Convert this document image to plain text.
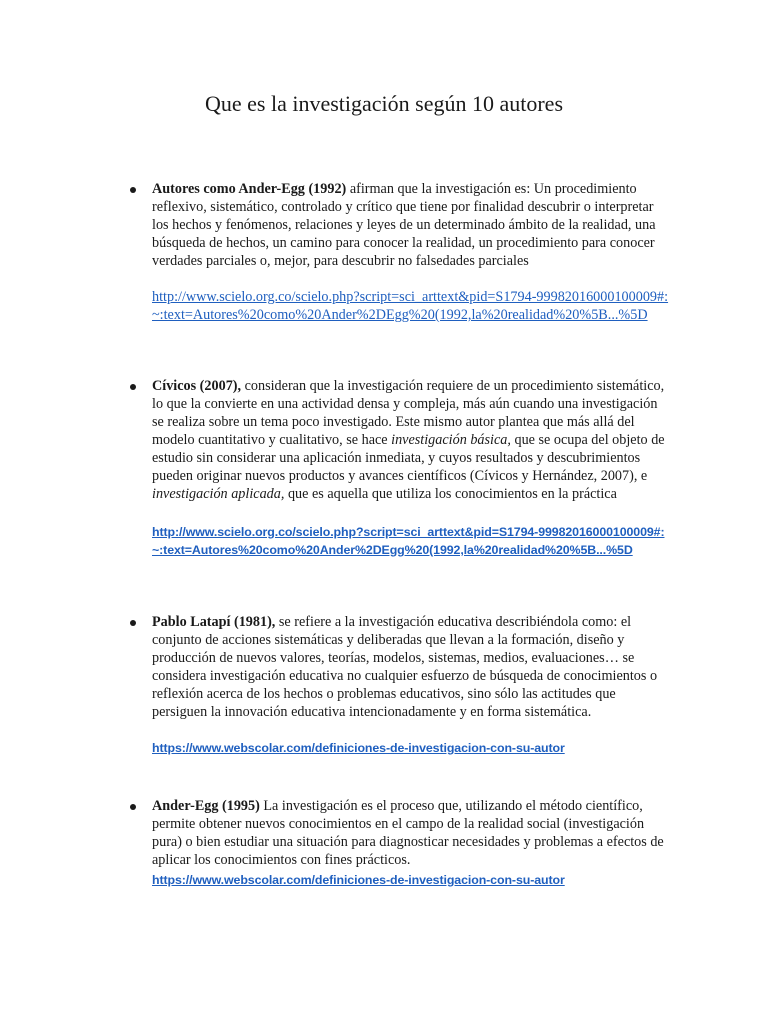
Que es la investigación según 10 autores

Autores como Ander-Egg (1992) afirman que la investigación es: Un procedimiento reflexivo, sistemático, controlado y crítico que tiene por finalidad descubrir o interpretar los hechos y fenómenos, relaciones y leyes de un determinado ámbito de la realidad, una búsqueda de hechos, un camino para conocer la realidad, un procedimiento para conocer verdades parciales o, mejor, para descubrir no falsedades parciales

http://www.scielo.org.co/scielo.php?script=sci_arttext&pid=S1794-99982016000100009#:~:text=Autores%20como%20Ander%2DEgg%20(1992,la%20realidad%20%5B...%5D

Cívicos (2007), consideran que la investigación requiere de un procedimiento sistemático, lo que la convierte en una actividad densa y compleja, más aún cuando una investigación se realiza sobre un tema poco investigado. Este mismo autor plantea que más allá del modelo cuantitativo y cualitativo, se hace investigación básica, que se ocupa del objeto de estudio sin considerar una aplicación inmediata, y cuyos resultados y descubrimientos pueden originar nuevos productos y avances científicos (Cívicos y Hernández, 2007), e investigación aplicada, que es aquella que utiliza los conocimientos en la práctica

http://www.scielo.org.co/scielo.php?script=sci_arttext&pid=S1794-99982016000100009#:~:text=Autores%20como%20Ander%2DEgg%20(1992,la%20realidad%20%5B...%5D

Pablo Latapí (1981), se refiere a la investigación educativa describiéndola como: el conjunto de acciones sistemáticas y deliberadas que llevan a la formación, diseño y producción de nuevos valores, teorías, modelos, sistemas, medios, evaluaciones… se considera investigación educativa no cualquier esfuerzo de búsqueda de conocimientos o reflexión acerca de los hechos o problemas educativos, sino sólo las actitudes que persiguen la innovación educativa intencionadamente y en forma sistemática.

https://www.webscolar.com/definiciones-de-investigacion-con-su-autor

Ander-Egg (1995) La investigación es el proceso que, utilizando el método científico, permite obtener nuevos conocimientos en el campo de la realidad social (investigación pura) o bien estudiar una situación para diagnosticar necesidades y problemas a efectos de aplicar los conocimientos con fines prácticos.

https://www.webscolar.com/definiciones-de-investigacion-con-su-autor
